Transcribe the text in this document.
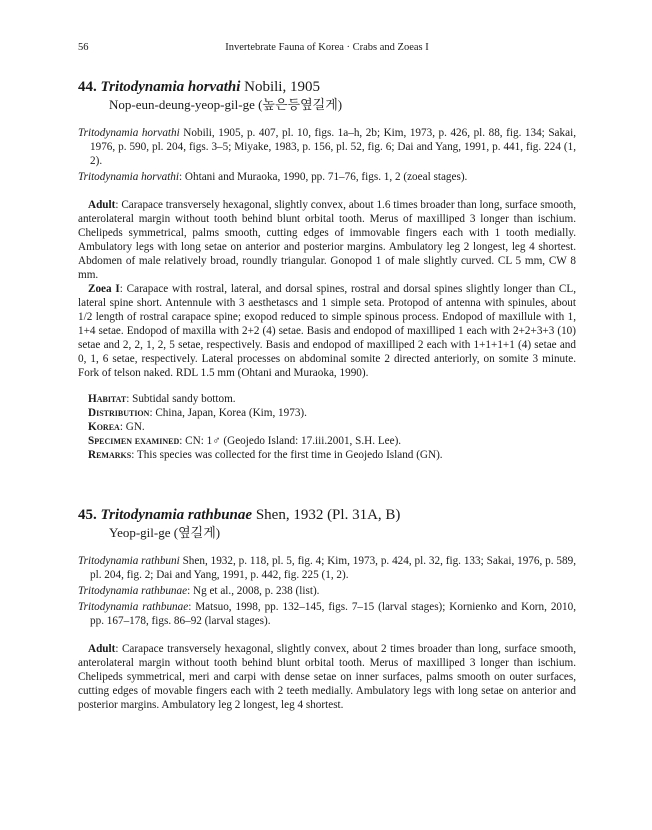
56	Invertebrate Fauna of Korea · Crabs and Zoeas I

44. Tritodynamia horvathi Nobili, 1905

Nop-eun-deung-yeop-gil-ge (높은등옆길게)

Tritodynamia horvathi Nobili, 1905, p. 407, pl. 10, figs. 1a–h, 2b; Kim, 1973, p. 426, pl. 88, fig. 134; Sakai, 1976, p. 590, pl. 204, figs. 3–5; Miyake, 1983, p. 156, pl. 52, fig. 6; Dai and Yang, 1991, p. 441, fig. 224 (1, 2).

Tritodynamia horvathi: Ohtani and Muraoka, 1990, pp. 71–76, figs. 1, 2 (zoeal stages).

Adult: Carapace transversely hexagonal, slightly convex, about 1.6 times broader than long, surface smooth, anterolateral margin without tooth behind blunt orbital tooth. Merus of maxilliped 3 longer than ischium. Chelipeds symmetrical, palms smooth, cutting edges of immovable fingers each with 1 tooth medially. Ambulatory legs with long setae on anterior and posterior margins. Ambulatory leg 2 longest, leg 4 shortest. Abdomen of male relatively broad, roundly triangular. Gonopod 1 of male slightly curved. CL 5 mm, CW 8 mm.

Zoea I: Carapace with rostral, lateral, and dorsal spines, rostral and dorsal spines slightly longer than CL, lateral spine short. Antennule with 3 aesthetascs and 1 simple seta. Protopod of antenna with spinules, about 1/2 length of rostral carapace spine; exopod reduced to simple spinous process. Endopod of maxillule with 1, 1+4 setae. Endopod of maxilla with 2+2 (4) setae. Basis and endopod of maxilliped 1 each with 2+2+3+3 (10) setae and 2, 2, 1, 2, 5 setae, respectively. Basis and endopod of maxilliped 2 each with 1+1+1+1 (4) setae and 0, 1, 6 setae, respectively. Lateral processes on abdominal somite 2 directed anteriorly, on somite 3 minute. Fork of telson naked. RDL 1.5 mm (Ohtani and Muraoka, 1990).

Habitat: Subtidal sandy bottom.

Distribution: China, Japan, Korea (Kim, 1973).

Korea: GN.

Specimen examined: CN: 1♂ (Geojedo Island: 17.iii.2001, S.H. Lee).

Remarks: This species was collected for the first time in Geojedo Island (GN).

45. Tritodynamia rathbunae Shen, 1932 (Pl. 31A, B)

Yeop-gil-ge (옆길게)

Tritodynamia rathbuni Shen, 1932, p. 118, pl. 5, fig. 4; Kim, 1973, p. 424, pl. 32, fig. 133; Sakai, 1976, p. 589, pl. 204, fig. 2; Dai and Yang, 1991, p. 442, fig. 225 (1, 2).

Tritodynamia rathbunae: Ng et al., 2008, p. 238 (list).

Tritodynamia rathbunae: Matsuo, 1998, pp. 132–145, figs. 7–15 (larval stages); Kornienko and Korn, 2010, pp. 167–178, figs. 86–92 (larval stages).

Adult: Carapace transversely hexagonal, slightly convex, about 2 times broader than long, surface smooth, anterolateral margin without tooth behind blunt orbital tooth. Merus of maxilliped 3 longer than ischium. Chelipeds symmetrical, meri and carpi with dense setae on inner surfaces, palms smooth on outer surfaces, cutting edges of movable fingers each with 2 teeth medially. Ambulatory legs with long setae on anterior and posterior margins. Ambulatory leg 2 longest, leg 4 shortest.
